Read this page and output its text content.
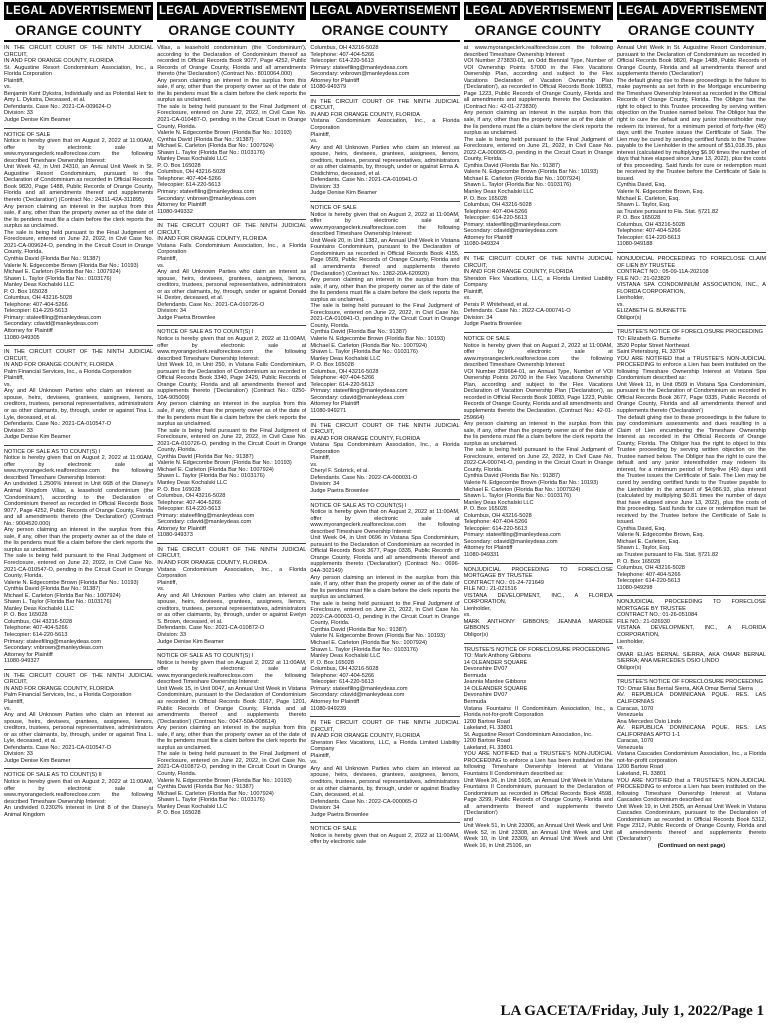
LEGAL ADVERTISEMENT
ORANGE COUNTY

IN THE CIRCUIT COURT OF THE NINTH JUDICIAL CIRCUIT,

IN AND FOR ORANGE COUNTY, FLORIDA

St. Augustine Resort Condominium Association, Inc., a Florida Corporation

Plaintiff,

vs.

Benjamin Kent Dykstra, Individually and as Potential Heir to Amy L. Dykstra, Deceased, et al.

Defendants. Case No.: 2021-CA-009624-O

Division: 33

Judge Denise Kim Beamer

NOTICE OF SALE

Notice is hereby given that on August 2, 2022 at 11:00AM, offer by electronic sale at www.myorangeclerk.realforeclose.com the following described Timeshare Ownership Interest:

Unit Week 42, in Unit 24310, an Annual Unit Week in St. Augustine Resort Condominium, pursuant to the Declaration of Condominium as recorded in Official Records Book 9820, Page 1488, Public Records of Orange County, Florida and all amendments thereof and supplements thereto ('Declaration') (Contract No.: 24311-42A-311895)

Any person claiming an interest in the surplus from this sale, if any, other than the property owner as of the date of the lis pendens must file a claim before the clerk reports the surplus as unclaimed.

The sale is being held pursuant to the Final Judgment of Foreclosure, entered on June 22, 2022, in Civil Case No. 2021-CA-009624-O, pending in the Circuit Court in Orange County, Florida.

Cynthia David (Florida Bar No.: 91387)

Valerie N. Edgecombe Brown (Florida Bar No.: 10193)

Michael E. Carleton (Florida Bar No.: 1007924)

Shawn L. Taylor (Florida Bar No.: 0103176)

Manley Deas Kochalski LLC

P. O. Box 165028

Columbus, OH 43216-5028

Telephone: 407-404-5266

Telecopier: 614-220-5613

Primary: stateefiling@manleydeas.com

Secondary: cdavid@manleydeas.com

Attorney for Plaintiff

11080-949305

IN THE CIRCUIT COURT OF THE NINTH JUDICIAL CIRCUIT,

IN AND FOR ORANGE COUNTY, FLORIDA

Palm Financial Services, Inc., a Florida Corporation

Plaintiff,

vs.

Any and All Unknown Parties who claim an interest as spouse, heirs, devisees, grantees, assignees, lienors, creditors, trustees, personal representatives, administrators or as other claimants, by, through, under or against Tina L. Lyle, deceased, et al.

Defendants. Case No.: 2021-CA-010547-O

Division: 33

Judge Denise Kim Beamer

NOTICE OF SALE AS TO COUNT(S) I

Notice is hereby given that on August 2, 2022 at 11:00AM, offer by electronic sale at www.myorangeclerk.realforeclose.com the following described Timeshare Ownership Interest:

An undivided 1.2506% interest in Unit 66B of the Disney's Animal Kingdom Villas, a leasehold condominium (the 'Condominium'), according to the Declaration of Condominium thereof as recorded in Official Records Book 9077, Page 4252, Public Records of Orange County, Florida and all amendments thereto (the 'Declaration') (Contract No.: 9004520.000)

Any person claiming an interest in the surplus from this sale, if any, other than the property owner as of the date of the lis pendens must file a claim before the clerk reports the surplus as unclaimed.

The sale is being held pursuant to the Final Judgment of Foreclosure, entered on June 22, 2022, in Civil Case No. 2021-CA-010547-O, pending in the Circuit Court in Orange County, Florida.

Valerie N. Edgecombe Brown (Florida Bar No.: 10193)

Cynthia David (Florida Bar No.: 91387)

Michael E. Carleton (Florida Bar No.: 1007924)

Shawn L. Taylor (Florida Bar No.: 0103176)

Manley Deas Kochalski LLC

P. O. Box 165028

Columbus, OH 43216-5028

Telephone: 407-404-5266

Telecopier: 614-220-5613

Primary: stateefiling@manleydeas.com

Secondary: vnbrown@manleydeas.com

Attorney for Plaintiff

11080-949327

IN THE CIRCUIT COURT OF THE NINTH JUDICIAL CIRCUIT,

IN AND FOR ORANGE COUNTY, FLORIDA

Palm Financial Services, Inc., a Florida Corporation

Plaintiff,

vs.

Any and All Unknown Parties who claim an interest as spouse, heirs, devisees, grantees, assignees, lienors, creditors, trustees, personal representatives, administrators or as other claimants, by, through, under or against Tina L. Lyle, deceased, et al.

Defendants. Case No.: 2021-CA-010547-O

Division: 33

Judge Denise Kim Beamer

NOTICE OF SALE AS TO COUNT(S) II

Notice is hereby given that on August 2, 2022 at 11:00AM, offer by electronic sale at www.myorangeclerk.realforeclose.com the following described Timeshare Ownership Interest:

An undivided 0.2302% interest in Unit 8 of the Disney's Animal Kingdom

LEGAL ADVERTISEMENT
ORANGE COUNTY

Villas, a leasehold condominium (the 'Condominium'), according to the Declaration of Condominium thereof as recorded in Official Records Book 9077, Page 4252, Public Records of Orange County, Florida and all amendments thereto (the 'Declaration') (Contract No.: 8010064.000)

Any person claiming an interest in the surplus from this sale, if any, other than the property owner as of the date of the lis pendens must file a claim before the clerk reports the surplus as unclaimed.

The sale is being held pursuant to the Final Judgment of Foreclosure, entered on June 22, 2022, in Civil Case No. 2021-CA-010487-O, pending in the Circuit Court in Orange County, Florida.

Valerie N. Edgecombe Brown (Florida Bar No.: 10193)

Cynthia David (Florida Bar No.: 91387)

Michael E. Carleton (Florida Bar No.: 1007924)

Shawn L. Taylor (Florida Bar No.: 0103176)

Manley Deas Kochalski LLC

P. O. Box 165028

Columbus, OH 43216-5028

Telephone: 407-404-5266

Telecopier: 614-220-5613

Primary: stateefiling@manleydeas.com

Secondary: vnbrown@manleydeas.com

Attorney for Plaintiff

11080-949332

IN THE CIRCUIT COURT OF THE NINTH JUDICIAL CIRCUIT,

IN AND FOR ORANGE COUNTY, FLORIDA

Vistana Falls Condominium Association, Inc., a Florida Corporation

Plaintiff,

vs.

Any and All Unknown Parties who claim an interest as spouse, heirs, devisees, grantees, assignees, lienors, creditors, trustees, personal representatives, administrators or as other claimants, by, through, under or against Donald H. Dexter, deceased, et al.

Defendants. Case No.: 2021-CA-010726-O

Division: 34

Judge Paetra Brownlee

NOTICE OF SALE AS TO COUNT(S) I

Notice is hereby given that on August 2, 2022 at 11:00AM, offer by electronic sale at www.myorangeclerk.realforeclose.com the following described Timeshare Ownership Interest:

Unit Week 10, in Unit 250, in Vistana Falls Condominium, pursuant to the Declaration of Condominium as recorded in Official Records Book 3340, Page 2429, Public Records of Orange County, Florida and all amendments thereof and supplements thereto ('Declaration') (Contract No.: 0250-10A-905009)

Any person claiming an interest in the surplus from this sale, if any, other than the property owner as of the date of the lis pendens must file a claim before the clerk reports the surplus as unclaimed.

The sale is being held pursuant to the Final Judgment of Foreclosure, entered on June 22, 2022, in Civil Case No. 2021-CA-010726-O, pending in the Circuit Court in Orange County, Florida.

Cynthia David (Florida Bar No.: 91387)

Valerie N. Edgecombe Brown (Florida Bar No.: 10193)

Michael E. Carleton (Florida Bar No.: 1007924)

Shawn L. Taylor (Florida Bar No.: 0103176)

Manley Deas Kochalski LLC

P. O. Box 165028

Columbus, OH 43216-5028

Telephone: 407-404-5266

Telecopier: 614-220-5613

Primary: stateefiling@manleydeas.com

Secondary: cdavid@manleydeas.com

Attorney for Plaintiff

11080-949373

IN THE CIRCUIT COURT OF THE NINTH JUDICIAL CIRCUIT,

IN AND FOR ORANGE COUNTY, FLORIDA

Vistana Condominium Association, Inc., a Florida Corporation

Plaintiff,

vs.

Any and All Unknown Parties who claim an interest as spouse, heirs, devisees, grantees, assignees, lienors, creditors, trustees, personal representatives, administrators or as other claimants, by, through, under or against Evelyn S. Brown, deceased, et al.

Defendants. Case No.: 2021-CA-010872-O

Division: 33

Judge Denise Kim Beamer

NOTICE OF SALE AS TO COUNT(S) I

Notice is hereby given that on August 2, 2022 at 11:00AM, offer by electronic sale at www.myorangeclerk.realforeclose.com the following described Timeshare Ownership Interest:

Unit Week 15, in Unit 0047, an Annual Unit Week in Vistana Condominium, pursuant to the Declaration of Condominium as recorded in Official Records Book 3167, Page 1201, Public Records of Orange County, Florida and all amendments thereof and supplements thereto ('Declaration') (Contract No.: 0047-50A-008614)

Any person claiming an interest in the surplus from this sale, if any, other than the property owner as of the date of the lis pendens must file a claim before the clerk reports the surplus as unclaimed.

The sale is being held pursuant to the Final Judgment of Foreclosure, entered on June 22, 2022, in Civil Case No. 2021-CA-010872-O, pending in the Circuit Court in Orange County, Florida.

Valerie N. Edgecombe Brown (Florida Bar No.: 10193)

Cynthia David (Florida Bar No.: 91387)

Michael E. Carleton (Florida Bar No.: 1007924)

Shawn L. Taylor (Florida Bar No.: 0103176)

Manley Deas Kochalski LLC

P. O. Box 165028

LEGAL ADVERTISEMENT
ORANGE COUNTY

Columbus, OH 43216-5028

Telephone: 407-404-5266

Telecopier: 614-220-5613

Primary: stateefiling@manleydeas.com

Secondary: vnbrown@manleydeas.com

Attorney for Plaintiff

11080-949379

IN THE CIRCUIT COURT OF THE NINTH JUDICIAL CIRCUIT,

IN AND FOR ORANGE COUNTY, FLORIDA

Vistana Condominium Association, Inc., a Florida Corporation

Plaintiff,

vs.

Any and All Unknown Parties who claim an interest as spouse, heirs, devisees, grantees, assignees, lienors, creditors, trustees, personal representatives, administrators or as other claimants, by, through, under or against Erma A. Chidichimo, deceased, et al.

Defendants. Case No.: 2021-CA-010941-O

Division: 33

Judge Denise Kim Beamer

NOTICE OF SALE

Notice is hereby given that on August 2, 2022 at 11:00AM, offer by electronic sale at www.myorangeclerk.realforeclose.com the following described Timeshare Ownership Interest:

Unit Week 20, in Unit 1382, an Annual Unit Week in Vistana Fountains Condominium, pursuant to the Declaration of Condominium as recorded in Official Records Book 4155, Page 0509, Public Records of Orange County, Florida and all amendments thereof and supplements thereto ('Declaration') (Contract No.: 1382-20A-620920)

Any person claiming an interest in the surplus from this sale, if any, other than the property owner as of the date of the lis pendens must file a claim before the clerk reports the surplus as unclaimed.

The sale is being held pursuant to the Final Judgment of Foreclosure, entered on June 22, 2022, in Civil Case No. 2021-CA-010941-O, pending in the Circuit Court in Orange County, Florida.

Cynthia David (Florida Bar No.: 91387)

Valerie N. Edgecombe Brown (Florida Bar No.: 10193)

Michael E. Carleton (Florida Bar No.: 1007924)

Shawn L. Taylor (Florida Bar No.: 0103176)

Manley Deas Kochalski LLC

P. O. Box 165028

Columbus, OH 43216-5028

Telephone: 407-404-5266

Telecopier: 614-220-5613

Primary: stateefiling@manleydeas.com

Secondary: cdavid@manleydeas.com

Attorney for Plaintiff

11080-949271

IN THE CIRCUIT COURT OF THE NINTH JUDICIAL CIRCUIT,

IN AND FOR ORANGE COUNTY, FLORIDA

Vistana Spa Condominium Association, Inc., a Florida Corporation

Plaintiff,

vs.

Cheryl F. Solzrick, et al.

Defendants. Case No.: 2022-CA-000031-O

Division: 34

Judge Paetra Brownlee

NOTICE OF SALE AS TO COUNT(S) I

Notice is hereby given that on August 2, 2022 at 11:00AM, offer by electronic sale at www.myorangeclerk.realforeclose.com the following described Timeshare Ownership Interest:

Unit Week 04, in Unit 0696 in Vistana Spa Condominium, pursuant to the Declaration of Condominium as recorded in Official Records Book 3677, Page 0335, Public Records of Orange County, Florida and all amendments thereof and supplements thereto ('Declaration') (Contract No.: 0696-04A-302149)

Any person claiming an interest in the surplus from this sale, if any, other than the property owner as of the date of the lis pendens must file a claim before the clerk reports the surplus as unclaimed.

The sale is being held pursuant to the Final Judgment of Foreclosure, entered on June 21, 2022, in Civil Case No. 2022-CA-000031-O, pending in the Circuit Court in Orange County, Florida.

Cynthia David (Florida Bar No.: 91387)

Valerie N. Edgecombe Brown (Florida Bar No.: 10193)

Michael E. Carleton (Florida Bar No.: 1007924)

Shawn L. Taylor (Florida Bar No.: 0103176)

Manley Deas Kochalski LLC

P. O. Box 165028

Columbus, OH 43216-5028

Telephone: 407-404-5266

Telecopier: 614-220-5613

Primary: stateefiling@manleydeas.com

Secondary: cdavid@manleydeas.com

Attorney for Plaintiff

11080-949239

IN THE CIRCUIT COURT OF THE NINTH JUDICIAL CIRCUIT,

IN AND FOR ORANGE COUNTY, FLORIDA

Sheraton Flex Vacations, LLC, a Florida Limited Liability Company

Plaintiff,

vs.

Any and All Unknown Parties who claim an interest as spouse, heirs, devisees, grantees, assignees, lienors, creditors, trustees, personal representatives, administrators or as other claimants, by, through, under or against Bradley Cain, deceased, et al.

Defendants. Case No.: 2022-CA-000065-O

Division: 34

Judge Paetra Brownlee

NOTICE OF SALE

Notice is hereby given that on August 2, 2022 at 11:00AM, offer by electronic sale

LEGAL ADVERTISEMENT
ORANGE COUNTY

at www.myorangeclerk.realforeclose.com the following described Timeshare Ownership Interest:

VOI Number 273830-01, an Odd Biennial Type, Number of VOI Ownership Points 57000 in the Flex Vacations Ownership Plan, according and subject to the Flex Vacations Declaration of Vacation Ownership Plan ('Declaration'), as recorded in Official Records Book 10893, Page 1223, Public Records of Orange County, Florida and all amendments and supplements thereto the Declaration. (Contract No.: 42-01-273830)

Any person claiming an interest in the surplus from this sale, if any, other than the property owner as of the date of the lis pendens must file a claim before the clerk reports the surplus as unclaimed.

The sale is being held pursuant to the Final Judgment of Foreclosure, entered on June 21, 2022, in Civil Case No. 2022-CA-000065-O, pending in the Circuit Court in Orange County, Florida.

Cynthia David (Florida Bar No.: 91387)

Valerie N. Edgecombe Brown (Florida Bar No.: 10193)

Michael E. Carleton (Florida Bar No.: 1007924)

Shawn L. Taylor (Florida Bar No.: 0103176)

Manley Deas Kochalski LLC

P. O. Box 165028

Columbus, OH 43216-5028

Telephone: 407-404-5266

Telecopier: 614-220-5613

Primary: stateefiling@manleydeas.com

Secondary: cdavid@manleydeas.com

Attorney for Plaintiff

11080-949324

IN THE CIRCUIT COURT OF THE NINTH JUDICIAL CIRCUIT,

IN AND FOR ORANGE COUNTY, FLORIDA

Sheraton Flex Vacations, LLC, a Florida Limited Liability Company

Plaintiff,

vs.

Persis P. Whitehead, et al.

Defendants. Case No.: 2022-CA-000741-O

Division: 34

Judge Paetra Brownlee

NOTICE OF SALE

Notice is hereby given that on August 2, 2022 at 11:00AM, offer by electronic sale at www.myorangeclerk.realforeclose.com the following described Timeshare Ownership Interest:

VOI Number 259664-01, an Annual Type, Number of VOI Ownership Points 20700 in the Flex Vacations Ownership Plan, according and subject to the Flex Vacations Declaration of Vacation Ownership Plan ('Declaration'), as recorded in Official Records Book 10893, Page 1223, Public Records of Orange County, Florida and all amendments and supplements thereto the Declaration. (Contract No.: 42-01-259664)

Any person claiming an interest in the surplus from this sale, if any, other than the property owner as of the date of the lis pendens must file a claim before the clerk reports the surplus as unclaimed.

The sale is being held pursuant to the Final Judgment of Foreclosure, entered on June 22, 2022, in Civil Case No. 2022-CA-000741-O, pending in the Circuit Court in Orange County, Florida.

Cynthia David (Florida Bar No.: 91387)

Valerie N. Edgecombe Brown (Florida Bar No.: 10193)

Michael E. Carleton (Florida Bar No.: 1007924)

Shawn L. Taylor (Florida Bar No.: 0103176)

Manley Deas Kochalski LLC

P. O. Box 165028

Columbus, OH 43216-5028

Telephone: 407-404-5266

Telecopier: 614-220-5613

Primary: stateefiling@manleydeas.com

Secondary: cdavid@manleydeas.com

Attorney for Plaintiff

11080-949331

NONJUDICIAL PROCEEDING TO FORECLOSE MORTGAGE BY TRUSTEE

CONTRACT NO.: 01-24-721649

FILE NO.: 21-021516

VISTANA DEVELOPMENT, INC., A FLORIDA CORPORATION,

Lienholder,

vs.

MARK ANTHONY GIBBONS; JEANNIA MARDEE GIBBONS

Obligor(s)

TRUSTEE'S NOTICE OF FORECLOSURE PROCEEDING

TO: Mark Anthony Gibbons

14 OLEANDER SQUARE

Devonshire DV07

Bermuda

Jeannia Mardee Gibbons

14 OLEANDER SQUARE

Devonshire DV07

Bermuda

Vistana Fountains II Condominium Association, Inc., a Florida not-for-profit Corporation

1200 Bartow Road

Lakeland, FL 33801

St. Augustine Resort Condominium Association, Inc.

1200 Bartow Road

Lakeland, FL 33801

YOU ARE NOTIFIED that a TRUSTEE'S NON-JUDICIAL PROCEEDING to enforce a Lien has been instituted on the following Timeshare Ownership Interest at Vistana Fountains II Condominium described as:

Unit Week 26, in Unit 1605, an Annual Unit Week in Vistana Fountains II Condominium, pursuant to the Declaration of Condominium as recorded in Official Records Book 4598, Page 3299, Public Records of Orange County, Florida and all amendments thereof and supplements thereto ('Declaration')

and

Unit Week 51, in Unit 23306, an Annual Unit Week and Unit Week 52, in Unit 23308, an Annual Unit Week and Unit Week 10, in Unit 23309, an Annual Unit Week and Unit Week 16, in Unit 25106, an

LEGAL ADVERTISEMENT
ORANGE COUNTY

Annual Unit Week in St. Augustine Resort Condominium, pursuant to the Declaration of Condominium as recorded in Official Records Book 9820, Page 1488, Public Records of Orange County, Florida and all amendments thereof and supplements thereto ('Declaration')

The default giving rise to these proceedings is the failure to make payments as set forth in the Mortgage encumbering the Timeshare Ownership Interest as recorded in the Official Records of Orange County, Florida. The Obligor has the right to object to this Trustee proceeding by serving written objection on the Trustee named below. The Obligor has the right to cure the default and any junior interestholder may redeem its interest, for a minimum period of forty-five (45) days until the Trustee issues the Certificate of Sale. The Lien may be cured by sending certified funds to the Trustee payable to the Lienholder in the amount of $51,018.35, plus interest (calculated by multiplying $6.90 times the number of days that have elapsed since June 13, 2022), plus the costs of this proceeding. Said funds for cure or redemption must be received by the Trustee before the Certificate of Sale is issued.

Cynthia David, Esq.

Valerie N. Edgecombe Brown, Esq.

Michael E. Carleton, Esq.

Shawn L. Taylor, Esq.

as Trustee pursuant to Fla. Stat. §721.82

P. O. Box 165028

Columbus, OH 43216-5028

Telephone: 407-404-5266

Telecopier: 614-220-5613

11080-949188

NONJUDICIAL PROCEEDING TO FORECLOSE CLAIM OF LIEN BY TRUSTEE

CONTRACT NO.: 05-09-11A-202108

FILE NO.: 21-023820

VISTANA SPA CONDOMINIUM ASSOCIATION, INC., A FLORIDA CORPORATION,

Lienholder,

vs.

ELIZABETH G. BURNETTE

Obligor(s)

TRUSTEE'S NOTICE OF FORECLOSURE PROCEEDING

TO: Elizabeth G. Burnette

3520 Poplar Street Northeast

Saint Petersburg, FL 33704

YOU ARE NOTIFIED that a TRUSTEE'S NON-JUDICIAL PROCEEDING to enforce a Lien has been instituted on the following Timeshare Ownership Interest at Vistana Spa Condominium described as:

Unit Week 11, in Unit 0509 in Vistana Spa Condominium, pursuant to the Declaration of Condominium as recorded in Official Records Book 3677, Page 0335, Public Records of Orange County, Florida and all amendments thereof and supplements thereto ('Declaration')

The default giving rise to these proceedings is the failure to pay condominium assessments and dues resulting in a Claim of Lien encumbering the Timeshare Ownership Interest as recorded in the Official Records of Orange County, Florida. The Obligor has the right to object to this Trustee proceeding by serving written objection on the Trustee named below. The Obligor has the right to cure the default and any junior interestholder may redeem its interest, for a minimum period of forty-five (45) days until the Trustee issues the Certificate of Sale. The Lien may be cured by sending certified funds to the Trustee payable to the Lienholder in the amount of $4,086.93, plus interest (calculated by multiplying $0.81 times the number of days that have elapsed since June 13, 2022), plus the costs of this proceeding. Said funds for cure or redemption must be received by the Trustee before the Certificate of Sale is issued.

Cynthia David, Esq.

Valerie N. Edgecombe Brown, Esq.

Michael E. Carleton, Esq.

Shawn L. Taylor, Esq.

as Trustee pursuant to Fla. Stat. §721.82

P. O. Box 165028

Columbus, OH 43216-5028

Telephone: 407-404-5266

Telecopier: 614-220-5613

11080-949298

NONJUDICIAL PROCEEDING TO FORECLOSE MORTGAGE BY TRUSTEE

CONTRACT NO.: 01-26-051084

FILE NO.: 21-026930

VISTANA DEVELOPMENT, INC., A FLORIDA CORPORATION,

Lienholder,

vs.

OMAR ELIAS BERNAL SIERRA, AKA OMAR BERNAL SIERRA; ANA MERCEDES OSIO LINDO

Obligor(s)

TRUSTEE'S NOTICE OF FORECLOSURE PROCEEDING

TO: Omar Elias Bernal Sierra, AKA Omar Bernal Sierra

AV. REPUBLICA DOMINICANA PQUE. RES. LAS CALIFORNIAS

Caracas, 1070

Venezuela

Ana Mercedes Osio Lindo

AV. REPUBLICA DOMINICANA PQUE. RES. LAS CALIFORNIAS APTO 1-1

Caracas, 1070

Venezuela

Vistana Cascades Condominium Association, Inc., a Florida not-for-profit corporation

1200 Bartow Road

Lakeland, FL 33801

YOU ARE NOTIFIED that a TRUSTEE'S NON-JUDICIAL PROCEEDING to enforce a Lien has been instituted on the following Timeshare Ownership Interest at Vistana Cascades Condominium described as:

Unit Week 19, in Unit 2505, an Annual Unit Week in Vistana Cascades Condominium, pursuant to the Declaration of Condominium as recorded in Official Records Book 5312, Page 2312, Public Records of Orange County, Florida and all amendments thereof and supplements thereto ('Declaration')

(Continued on next page)

LA GACETA/Friday, July 1, 2022/Page 1
